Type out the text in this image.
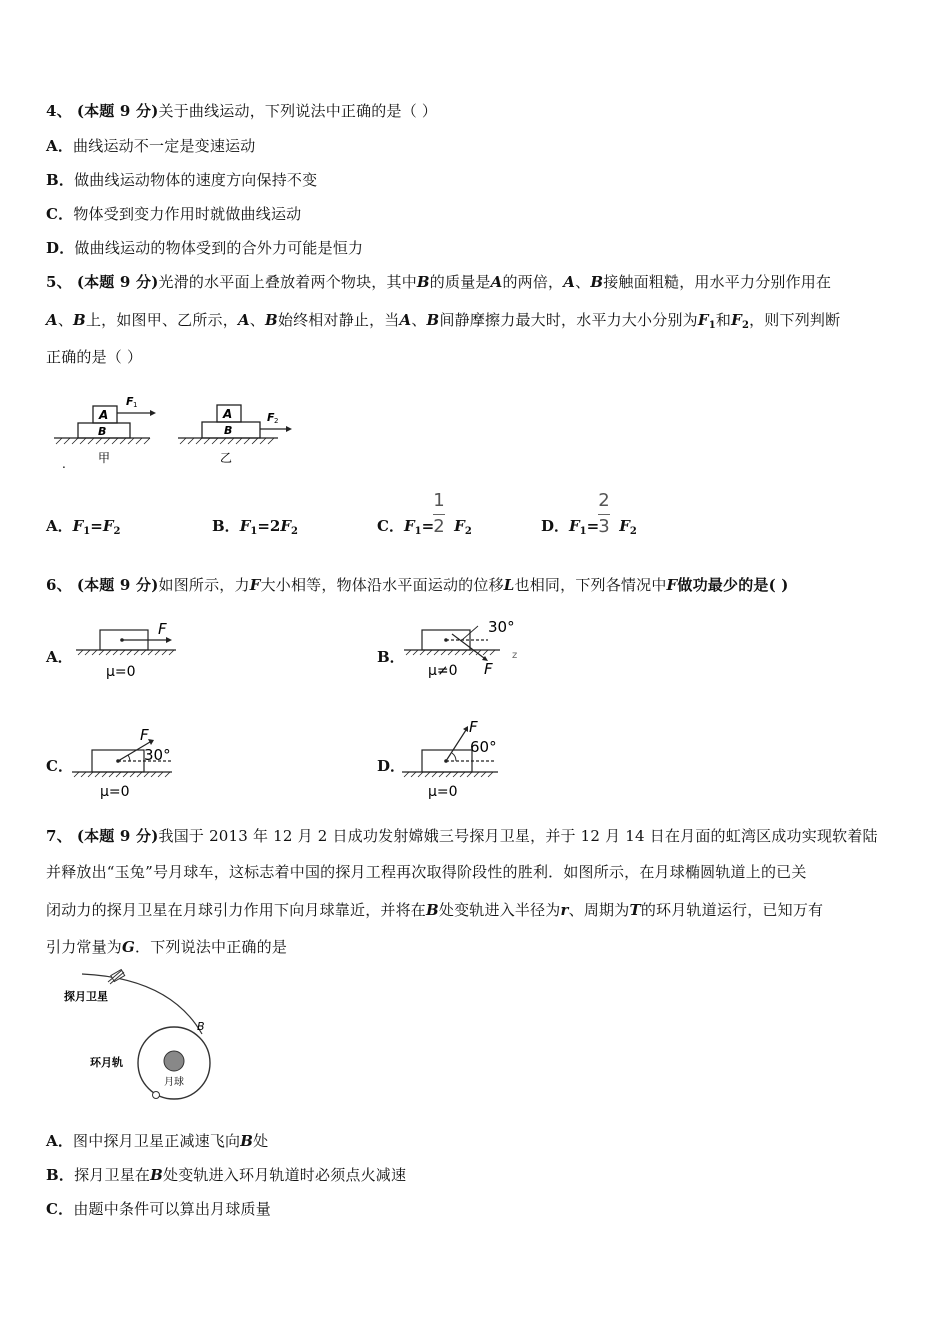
4、 (本题 9 分)关于曲线运动，下列说法中正确的是（ ）
A．曲线运动不一定是变速运动
B．做曲线运动物体的速度方向保持不变
C．物体受到变力作用时就做曲线运动
D．做曲线运动的物体受到的合外力可能是恒力
5、 (本题 9 分)光滑的水平面上叠放着两个物块，其中B的质量是A的两倍，A、B接触面粗糙，用水平力分别作用在
A、B上，如图甲、乙所示，A、B始终相对静止，当A、B间静摩擦力最大时，水平力大小分别为$F_1$和$F_2$，则下列判断
正确的是（ ）
A
B
F 1
甲
.
A
B
F 2
乙
A．$F_1=F_2$	B．$F_1=2F_2$	C．$F_1= F_2$
1
2	D．$F_1= F_2$
2
3
6、 (本题 9 分)如图所示，力F大小相等，物体沿水平面运动的位移L也相同，下列各情况中F做功最少的是( )
A．
F
μ=0
B．
30°
F
μ≠0
z
C．
F
30°
μ=0
D．
F
60°
μ=0
7、 (本题 9 分)我国于 2013 年 12 月 2 日成功发射嫦娥三号探月卫星，并于 12 月 14 日在月面的虹湾区成功实现软着陆
并释放出“玉兔”号月球车，这标志着中国的探月工程再次取得阶段性的胜利．如图所示，在月球椭圆轨道上的已关
闭动力的探月卫星在月球引力作用下向月球靠近，并将在B处变轨进入半径为r、周期为T的环月轨道运行，已知万有
引力常量为G．下列说法中正确的是
探月卫星
环月轨
月球
B
A．图中探月卫星正减速飞向B处
B．探月卫星在B处变轨进入环月轨道时必须点火减速
C．由题中条件可以算出月球质量
